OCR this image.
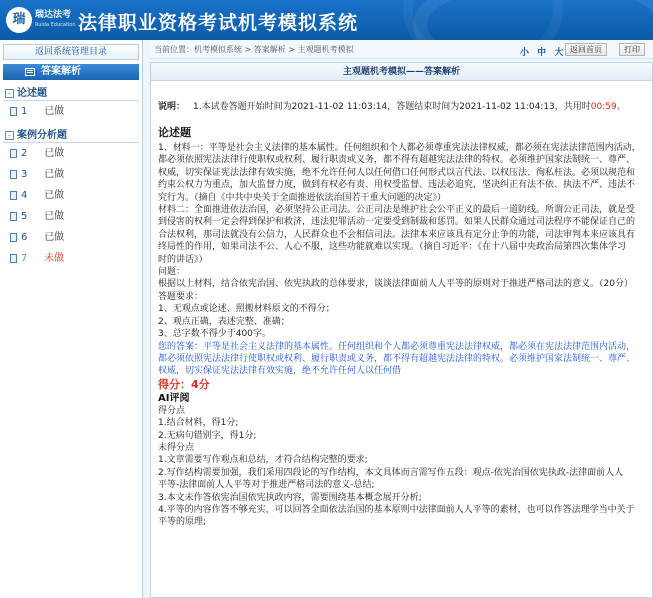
瑞	瑞达法考
Ruida Education 法律职业资格考试机考模拟系统
返回系统管理目录
答案解析
- 论述题
1 已做
- 案例分析题
2 已做
3 已做
4 已做
5 已做
6 已做
7 未做
当前位置：机考模拟系统 > 答案解析 > 主观题机考模拟	小 中 大 返回首页	打印
主观题机考模拟——答案解析
说明： 1.本试卷答题开始时间为2021-11-02 11:03:14，答题结束时间为2021-11-02 11:04:13，共用时00:59。
论述题

1、材料一：平等是社会主义法律的基本属性。任何组织和个人都必须尊重宪法法律权威，都必须在宪法法律范围内活动，

都必须依照宪法法律行使职权或权利、履行职责或义务，都不得有超越宪法法律的特权。必须维护国家法制统一、尊严、

权威，切实保证宪法法律有效实施，绝不允许任何人以任何借口任何形式以言代法、以权压法、徇私枉法。必须以规范和

约束公权力为重点，加大监督力度，做到有权必有责、用权受监督、违法必追究，坚决纠正有法不依、执法不严、违法不

究行为。（摘自《中共中央关于全面推进依法治国若干重大问题的决定》）

材料二：全面推进依法治国，必须坚持公正司法。公正司法是维护社会公平正义的最后一道防线。所谓公正司法，就是受

到侵害的权利一定会得到保护和救济，违法犯罪活动一定要受到制裁和惩罚。如果人民群众通过司法程序不能保证自己的

合法权利，那司法就没有公信力，人民群众也不会相信司法。法律本来应该具有定分止争的功能，司法审判本来应该具有

终局性的作用，如果司法不公、人心不服，这些功能就难以实现。（摘自习近平：《在十八届中央政治局第四次集体学习

时的讲话》）

问题：

根据以上材料，结合依宪治国、依宪执政的总体要求，谈谈法律面前人人平等的原则对于推进严格司法的意义。（20分）

答题要求：

1、无观点或论述、照搬材料原文的不得分；

2、观点正确，表述完整、准确；

3、总字数不得少于400字。

您的答案：平等是社会主义法律的基本属性。任何组织和个人都必须尊重宪法法律权威，都必须在宪法法律范围内活动，

都必须依照宪法法律行使职权或权利、履行职责或义务，都不得有超越宪法法律的特权。必须维护国家法制统一、尊严、

权威，切实保证宪法法律有效实施，绝不允许任何人以任何借

得分：4分

AI评阅

得分点

1.结合材料，得1分;

2.无病句错别字，得1分;

未得分点

1.文章需要写作观点和总结，才符合结构完整的要求;

2.写作结构需要加强，我们采用四段论的写作结构，本文具体而言需写作五段：观点-依宪治国依宪执政-法律面前人人

平等-法律面前人人平等对于推进严格司法的意义-总结;

3.本文未作答依宪治国依宪执政内容，需要围绕基本概念展开分析;

4.平等的内容作答不够充实，可以回答全面依法治国的基本原则中法律面前人人平等的素材，也可以作答法理学当中关于

平等的原理;
